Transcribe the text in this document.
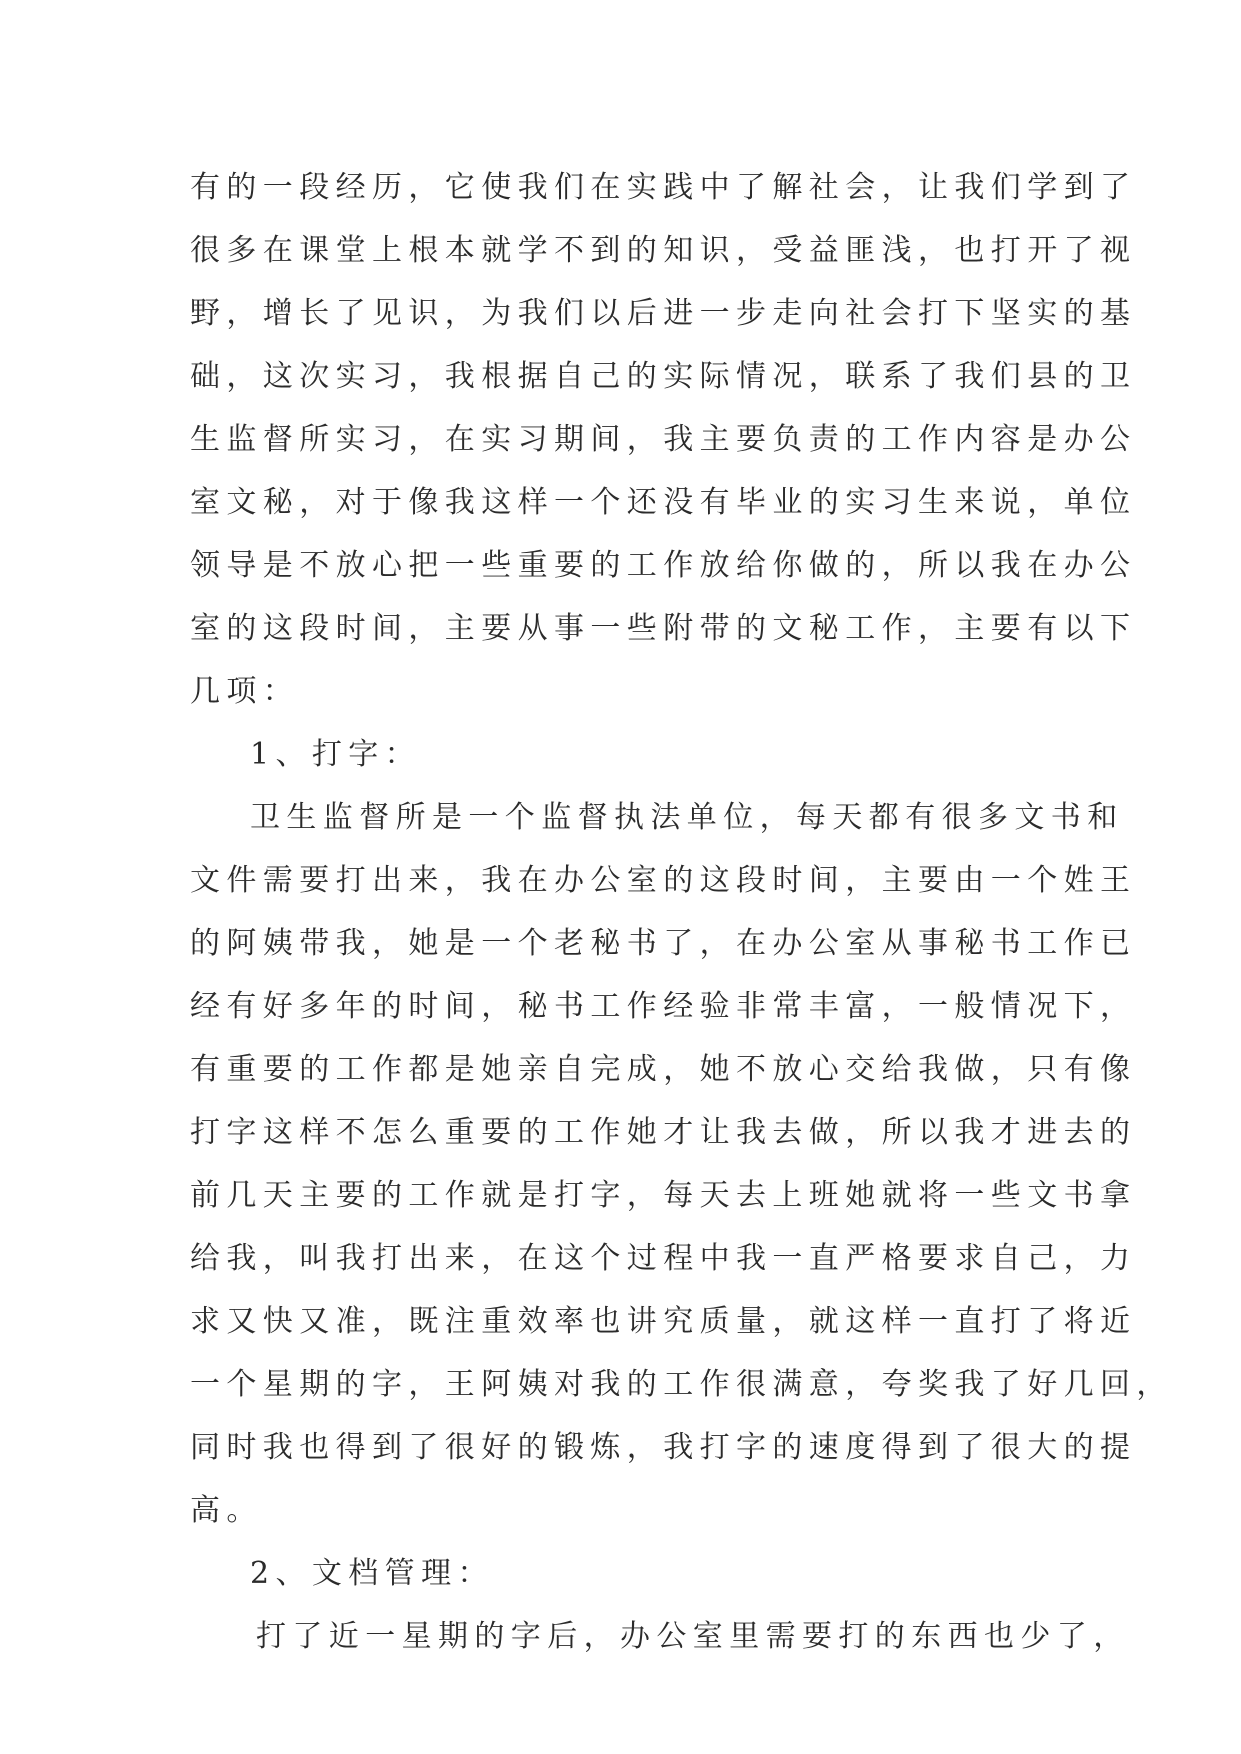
有的一段经历，它使我们在实践中了解社会，让我们学到了
很多在课堂上根本就学不到的知识，受益匪浅，也打开了视
野，增长了见识，为我们以后进一步走向社会打下坚实的基
础，这次实习，我根据自己的实际情况，联系了我们县的卫
生监督所实习，在实习期间，我主要负责的工作内容是办公
室文秘，对于像我这样一个还没有毕业的实习生来说，单位
领导是不放心把一些重要的工作放给你做的，所以我在办公
室的这段时间，主要从事一些附带的文秘工作，主要有以下
几项：
1、打字：
卫生监督所是一个监督执法单位，每天都有很多文书和
文件需要打出来，我在办公室的这段时间，主要由一个姓王
的阿姨带我，她是一个老秘书了，在办公室从事秘书工作已
经有好多年的时间，秘书工作经验非常丰富，一般情况下，
有重要的工作都是她亲自完成，她不放心交给我做，只有像
打字这样不怎么重要的工作她才让我去做，所以我才进去的
前几天主要的工作就是打字，每天去上班她就将一些文书拿
给我，叫我打出来，在这个过程中我一直严格要求自己，力
求又快又准，既注重效率也讲究质量，就这样一直打了将近
一个星期的字，王阿姨对我的工作很满意，夸奖我了好几回，
同时我也得到了很好的锻炼，我打字的速度得到了很大的提
高。
2、文档管理：
打了近一星期的字后，办公室里需要打的东西也少了，
